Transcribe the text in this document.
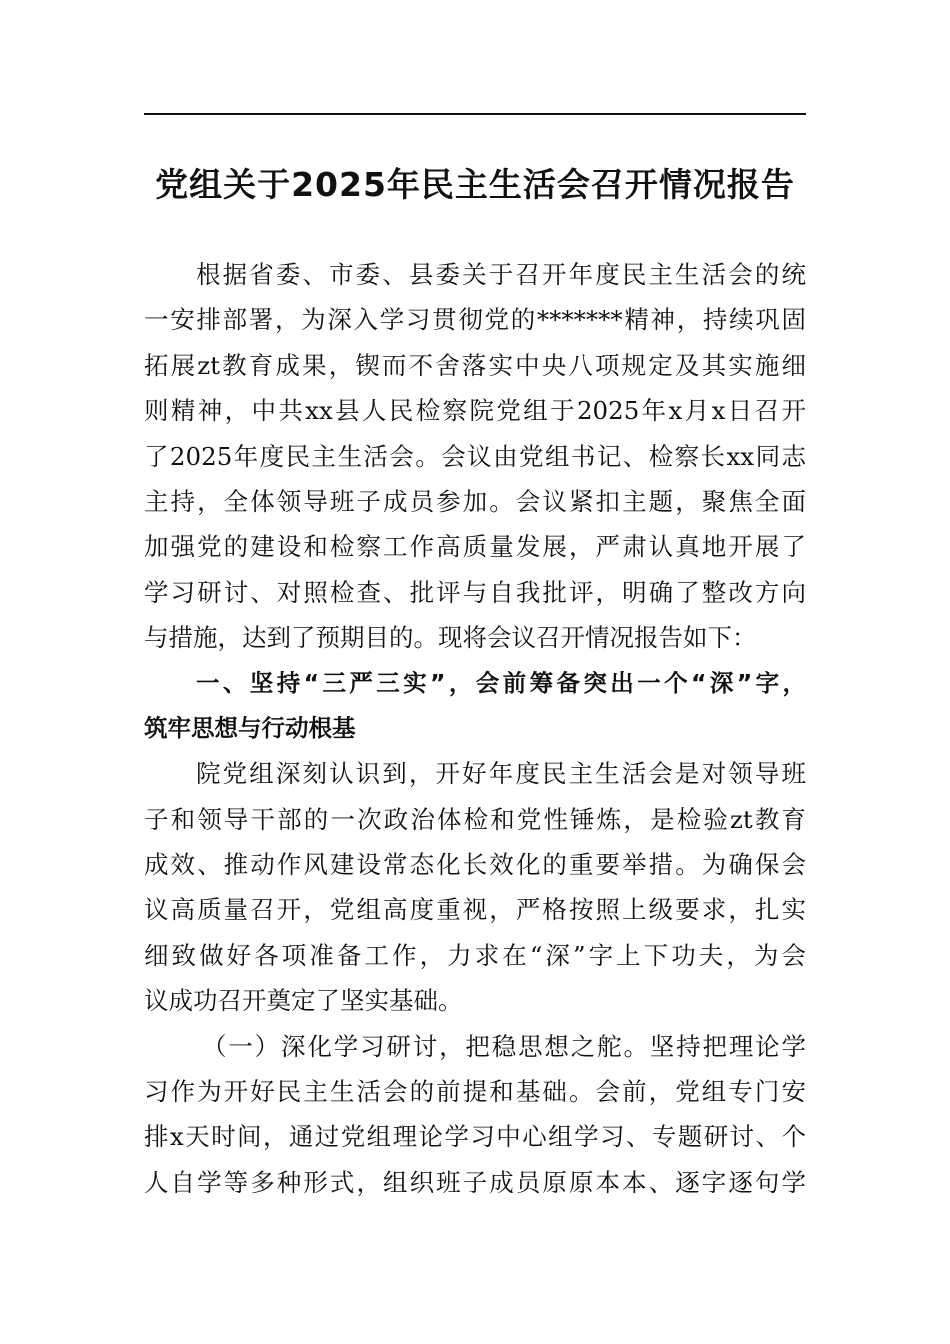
党组关于2025年民主生活会召开情况报告
根据省委、市委、县委关于召开年度民主生活会的统
一安排部署，为深入学习贯彻党的*******精神，持续巩固
拓展zt教育成果，锲而不舍落实中央八项规定及其实施细
则精神，中共xx县人民检察院党组于2025年x月x日召开
了2025年度民主生活会。会议由党组书记、检察长xx同志
主持，全体领导班子成员参加。会议紧扣主题，聚焦全面
加强党的建设和检察工作高质量发展，严肃认真地开展了
学习研讨、对照检查、批评与自我批评，明确了整改方向
与措施，达到了预期目的。现将会议召开情况报告如下：
一、坚持“三严三实”，会前筹备突出一个“深”字，
筑牢思想与行动根基
院党组深刻认识到，开好年度民主生活会是对领导班
子和领导干部的一次政治体检和党性锤炼，是检验zt教育
成效、推动作风建设常态化长效化的重要举措。为确保会
议高质量召开，党组高度重视，严格按照上级要求，扎实
细致做好各项准备工作，力求在“深”字上下功夫，为会
议成功召开奠定了坚实基础。
（一）深化学习研讨，把稳思想之舵。坚持把理论学
习作为开好民主生活会的前提和基础。会前，党组专门安
排x天时间，通过党组理论学习中心组学习、专题研讨、个
人自学等多种形式，组织班子成员原原本本、逐字逐句学
